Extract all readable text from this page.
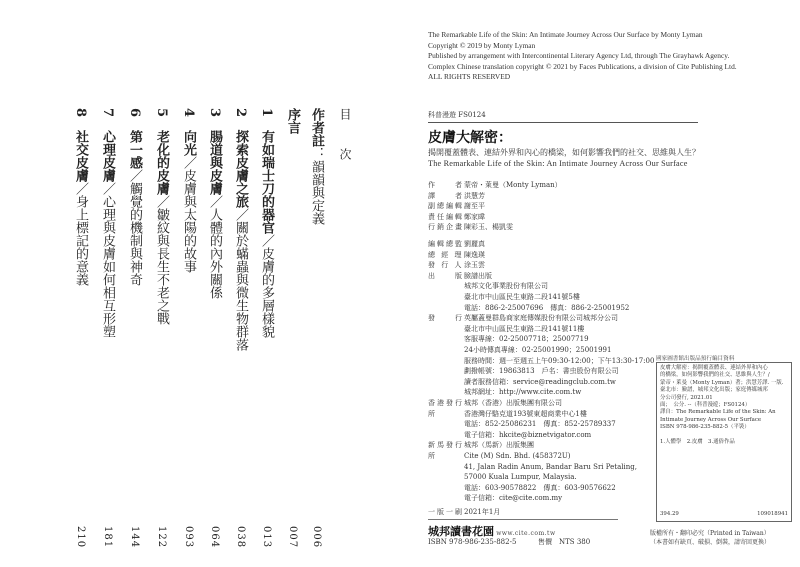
目 次
作者註：韻韻與定義
006
序言
007
1　有如瑞士刀的器官／皮膚的多層樣貌
013
2　探索皮膚之旅／關於蟎蟲與微生物群落
038
3　腸道與皮膚／人體的內外關係
064
4　向光／皮膚與太陽的故事
093
5　老化的皮膚／皺紋與長生不老之戰
122
6　第一感／觸覺的機制與神奇
144
7　心理皮膚／心理與皮膚如何相互形塑
181
8　社交皮膚／身上標記的意義
210
The Remarkable Life of the Skin: An Intimate Journey Across Our Surface by Monty Lyman
Copyright © 2019 by Monty Lyman
Published by arrangement with Intercontinental Literary Agency Ltd, through The Grayhawk Agency.
Complex Chinese translation copyright © 2021 by Faces Publications, a division of Cite Publishing Ltd.
ALL RIGHTS RESERVED
科普漫遊 FS0124
皮膚大解密：
揭開覆蓋體表、連結外界和內心的橋梁，如何影響我們的社交、思維與人生？
The Remarkable Life of the Skin: An Intimate Journey Across Our Surface
作　　者 蒙帝・萊曼（Monty Lyman）
譯　　者 洪慧芳
副總編輯 謝至平
責任編輯 鄭家暐
行銷企畫 陳彩玉、楊凱雯
編輯總監 劉麗真
總 經 理 陳逸瑛
發 行 人 涂玉雲
出　　版 臉譜出版

城邦文化事業股份有限公司

臺北市中山區民生東路二段141號5樓

電話：886-2-25007696　傳真：886-2-25001952

發　　行 英屬蓋曼群島商家庭傳媒股份有限公司城邦分公司

臺北市中山區民生東路二段141號11樓

客服專線：02-25007718；25007719

24小時傳真專線：02-25001990；25001991

服務時間：週一至週五上午09:30-12:00；下午13:30-17:00

劃撥帳號：19863813　戶名：書虫股份有限公司

讀者服務信箱：service@readingclub.com.tw

城邦網址：http://www.cite.com.tw

香港發行所

城邦（香港）出版集團有限公司

香港灣仔駱克道193號東超商業中心1樓

電話：852-25086231　傳真：852-25789337

電子信箱：hkcite@biznetvigator.com

新馬發行所

城邦（馬新）出版集團

Cite (M) Sdn. Bhd. (458372U)

41, Jalan Radin Anum, Bandar Baru Sri Petaling,

57000 Kuala Lumpur, Malaysia.

電話：603-90578822　傳真：603-90576622

電子信箱：cite@cite.com.my

一版一刷 2021年1月
城邦讀書花園 www.cite.com.tw

ISBN 978-986-235-882-5	售價　 NTS 380

國家圖書館出版品預行編目資料

皮膚大解密：揭開覆蓋體表、連結外界和內心

的橋梁，如何影響我們的社交、思維與人生？/

蒙帝・萊曼（Monty Lyman）著；洪慧芳譯. 一版.

臺北市：臉譜，城邦文化出版；家庭傳媒城邦

分公司發行, 2021.01

面；　公分. --（科普漫遊；FS0124）

譯自：The Remarkable Life of the Skin: An

Intimate Journey Across Our Surface

ISBN 978-986-235-882-5（平裝）

1.人體學　2.皮膚　3.通俗作品

394.29	109018941
版權所有・翻印必究（Printed in Taiwan）
（本書如有缺頁、破損、倒裝，請寄回更換）
